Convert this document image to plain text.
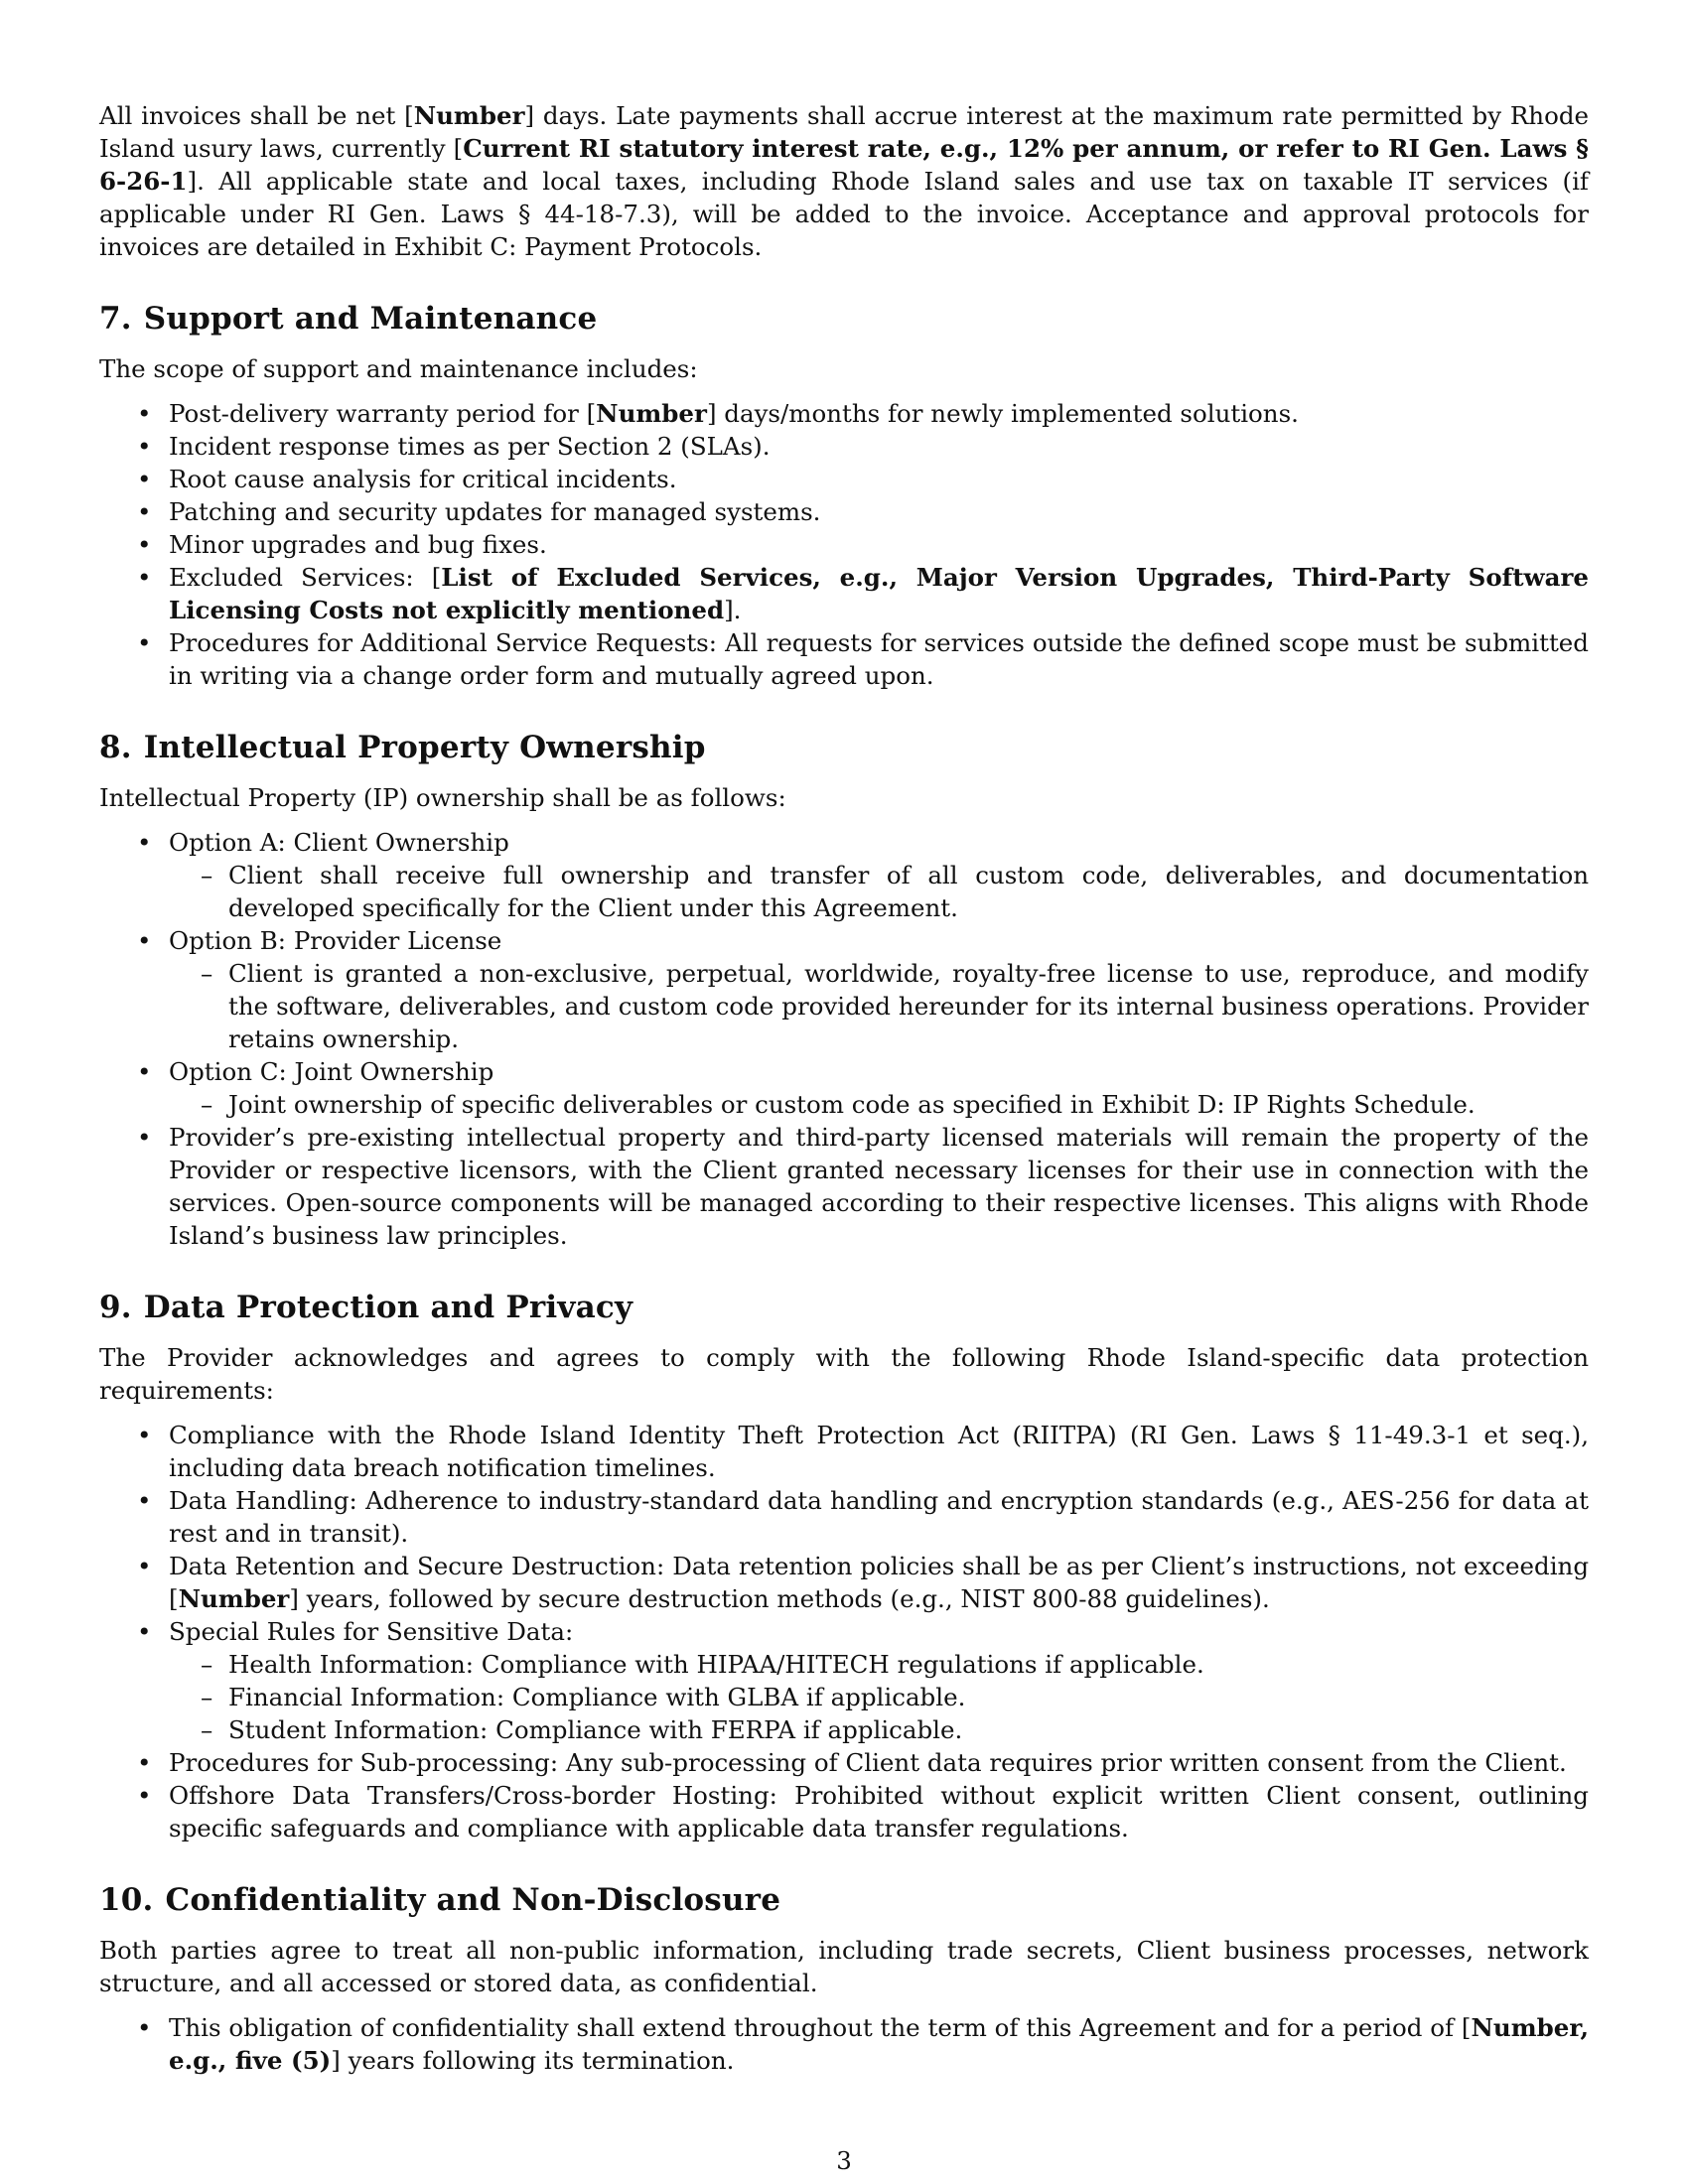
All invoices shall be net [Number] days. Late payments shall accrue interest at the maximum rate permitted by Rhode Island usury laws, currently [Current RI statutory interest rate, e.g., 12% per annum, or refer to RI Gen. Laws § 6-26-1]. All applicable state and local taxes, including Rhode Island sales and use tax on taxable IT services (if applicable under RI Gen. Laws § 44-18-7.3), will be added to the invoice. Acceptance and approval protocols for invoices are detailed in Exhibit C: Payment Protocols.

7. Support and Maintenance

The scope of support and maintenance includes:

• Post-delivery warranty period for [Number] days/months for newly implemented solutions.
• Incident response times as per Section 2 (SLAs).
• Root cause analysis for critical incidents.
• Patching and security updates for managed systems.
• Minor upgrades and bug fixes.
• Excluded Services: [List of Excluded Services, e.g., Major Version Upgrades, Third-Party Software Licensing Costs not explicitly mentioned].
• Procedures for Additional Service Requests: All requests for services outside the defined scope must be submitted in writing via a change order form and mutually agreed upon.
8. Intellectual Property Ownership

Intellectual Property (IP) ownership shall be as follows:

• Option A: Client Ownership
– Client shall receive full ownership and transfer of all custom code, deliverables, and documentation developed specifically for the Client under this Agreement.
• Option B: Provider License
– Client is granted a non-exclusive, perpetual, worldwide, royalty-free license to use, reproduce, and modify the software, deliverables, and custom code provided hereunder for its internal business operations. Provider retains ownership.
• Option C: Joint Ownership
– Joint ownership of specific deliverables or custom code as specified in Exhibit D: IP Rights Schedule.
• Provider’s pre-existing intellectual property and third-party licensed materials will remain the property of the Provider or respective licensors, with the Client granted necessary licenses for their use in connection with the services. Open-source components will be managed according to their respective licenses. This aligns with Rhode Island’s business law principles.
9. Data Protection and Privacy

The Provider acknowledges and agrees to comply with the following Rhode Island-specific data protection requirements:

• Compliance with the Rhode Island Identity Theft Protection Act (RIITPA) (RI Gen. Laws § 11-49.3-1 et seq.), including data breach notification timelines.
• Data Handling: Adherence to industry-standard data handling and encryption standards (e.g., AES-256 for data at rest and in transit).
• Data Retention and Secure Destruction: Data retention policies shall be as per Client’s instructions, not exceeding [Number] years, followed by secure destruction methods (e.g., NIST 800-88 guidelines).
• Special Rules for Sensitive Data:
– Health Information: Compliance with HIPAA/HITECH regulations if applicable.
– Financial Information: Compliance with GLBA if applicable.
– Student Information: Compliance with FERPA if applicable.
• Procedures for Sub-processing: Any sub-processing of Client data requires prior written consent from the Client.
• Offshore Data Transfers/Cross-border Hosting: Prohibited without explicit written Client consent, outlining specific safeguards and compliance with applicable data transfer regulations.
10. Confidentiality and Non-Disclosure

Both parties agree to treat all non-public information, including trade secrets, Client business processes, network structure, and all accessed or stored data, as confidential.

• This obligation of confidentiality shall extend throughout the term of this Agreement and for a period of [Number, e.g., five (5)] years following its termination.
3
